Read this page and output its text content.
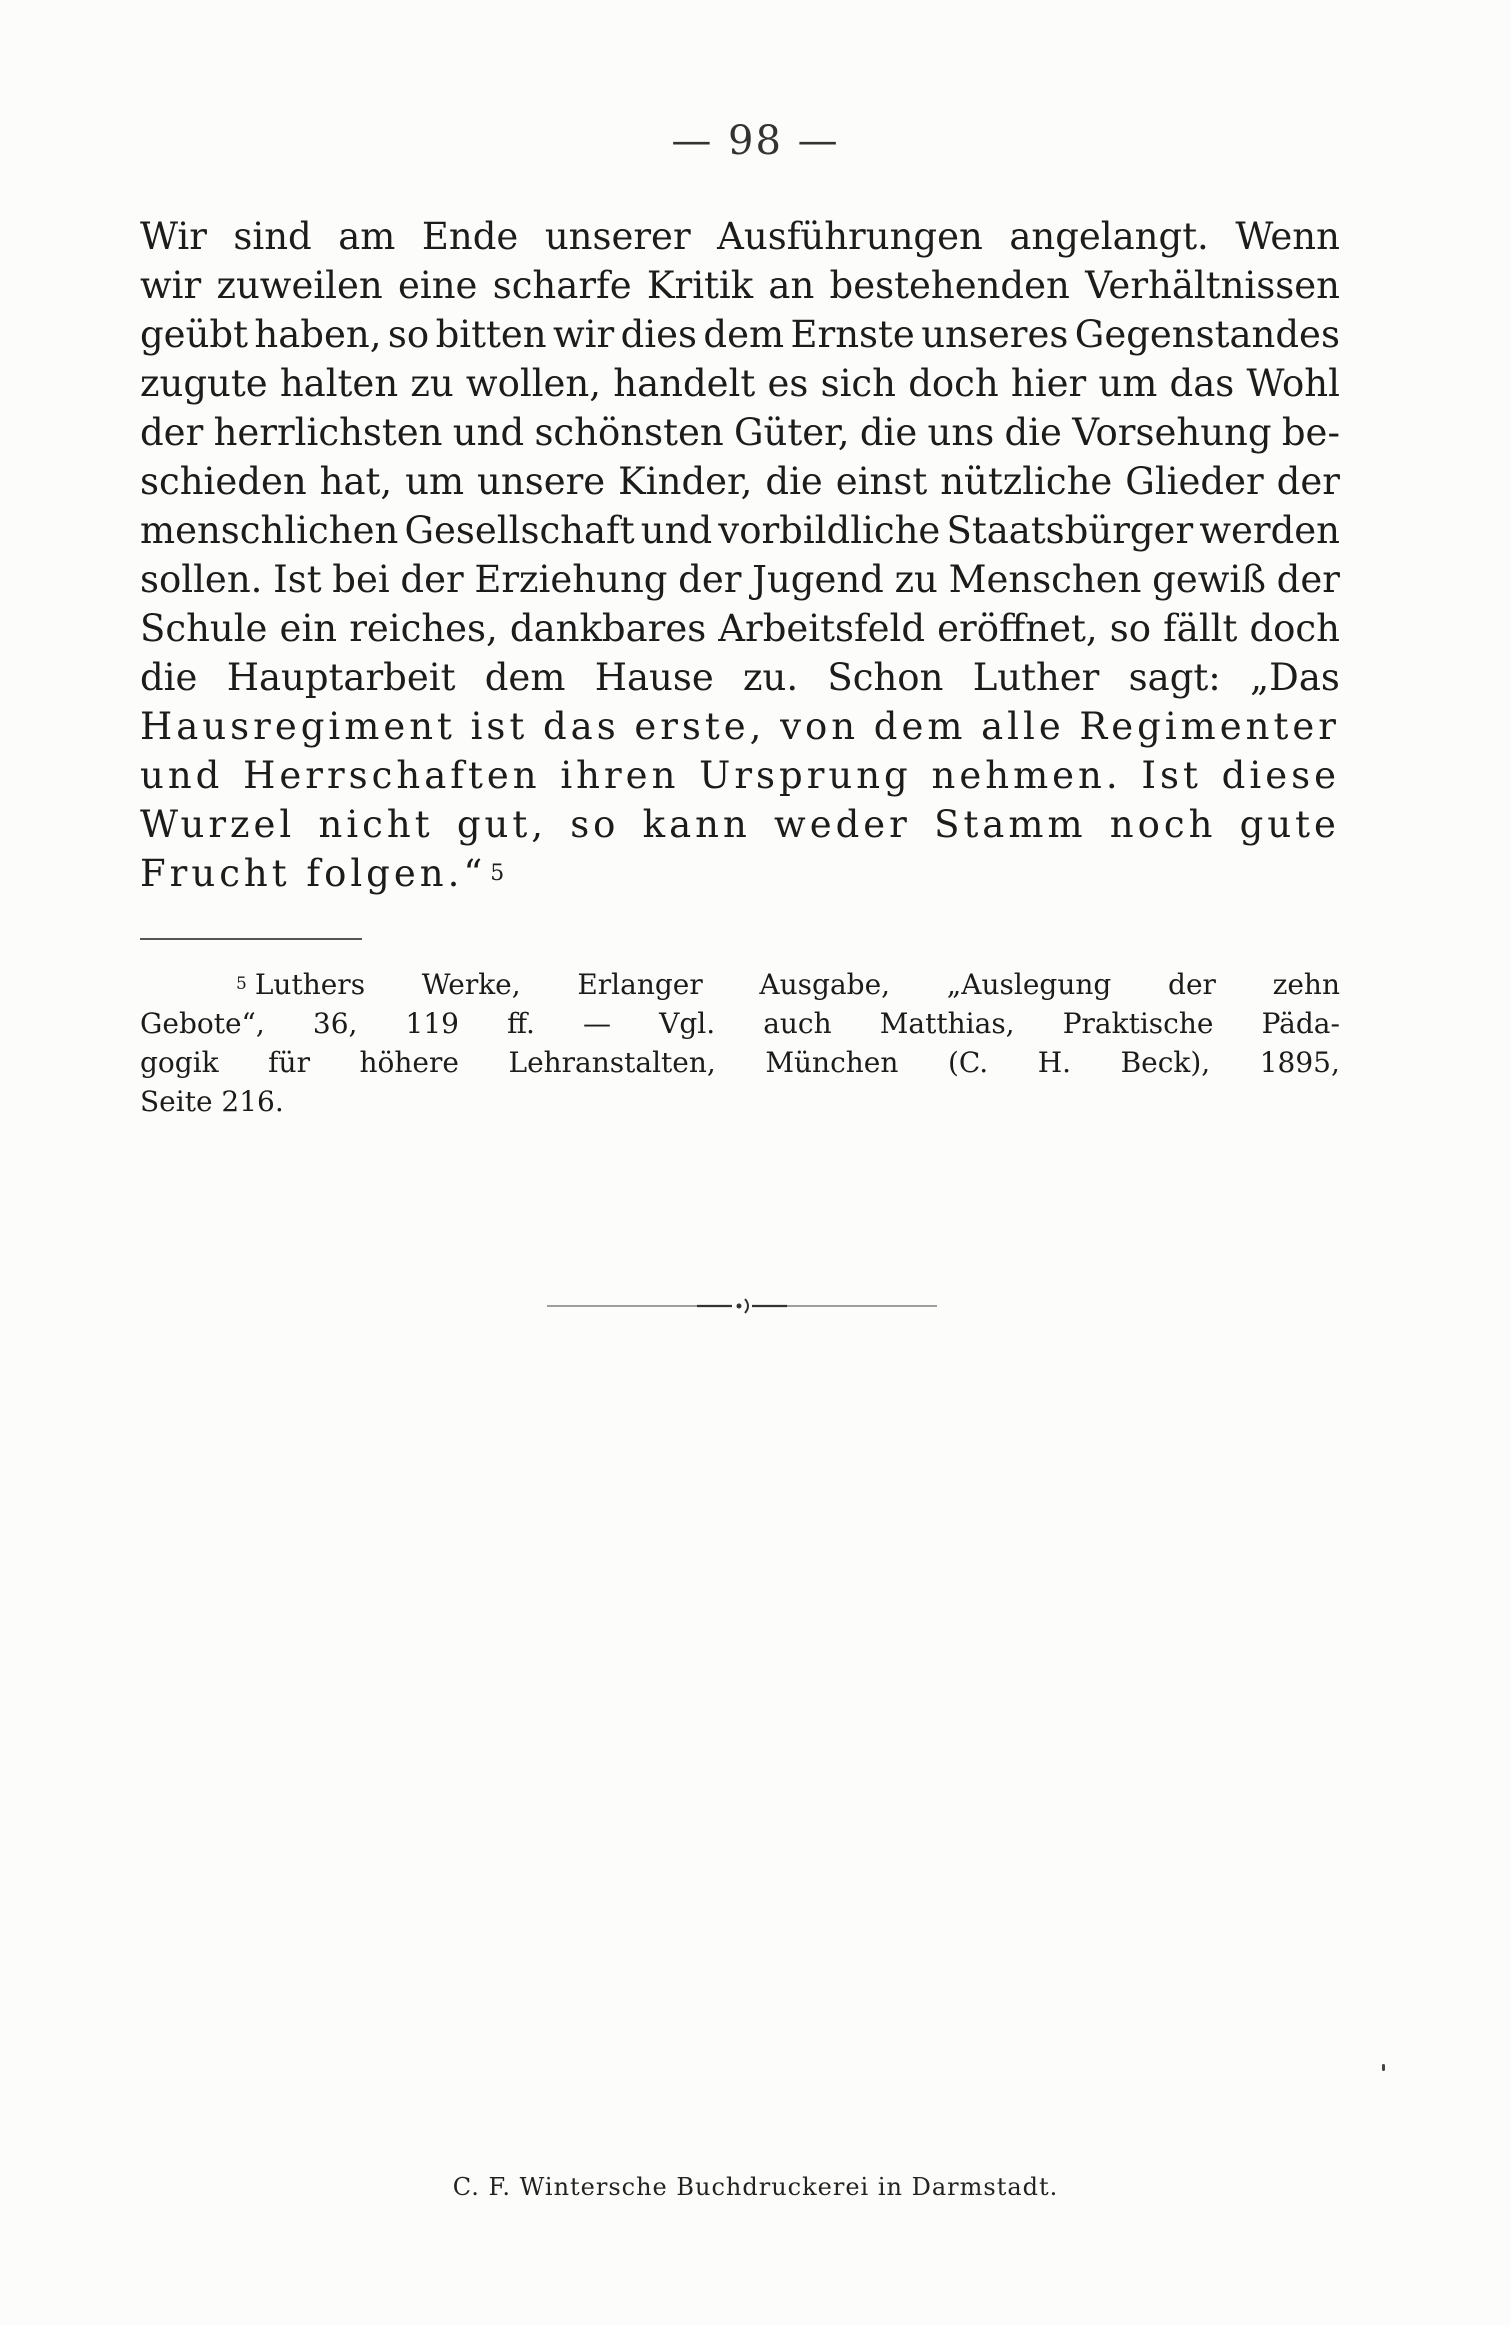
— 98 —
Wir sind am Ende unserer Ausführungen angelangt. Wenn
wir zuweilen eine scharfe Kritik an bestehenden Verhältnissen
geübt haben, so bitten wir dies dem Ernste unseres Gegenstandes
zugute halten zu wollen, handelt es sich doch hier um das Wohl
der herrlichsten und schönsten Güter, die uns die Vorsehung be-
schieden hat, um unsere Kinder, die einst nützliche Glieder der
menschlichen Gesellschaft und vorbildliche Staatsbürger werden
sollen. Ist bei der Erziehung der Jugend zu Menschen gewiß der
Schule ein reiches, dankbares Arbeitsfeld eröffnet, so fällt doch
die Hauptarbeit dem Hause zu. Schon Luther sagt: „Das
Hausregiment ist das erste, von dem alle Regimenter
und Herrschaften ihren Ursprung nehmen. Ist diese
Wurzel nicht gut, so kann weder Stamm noch gute
Frucht folgen.“ 5
5 Luthers Werke, Erlanger Ausgabe, „Auslegung der zehn
Gebote“, 36, 119 ff. — Vgl. auch Matthias, Praktische Päda-
gogik für höhere Lehranstalten, München (C. H. Beck), 1895,
Seite 216.
C. F. Wintersche Buchdruckerei in Darmstadt.
